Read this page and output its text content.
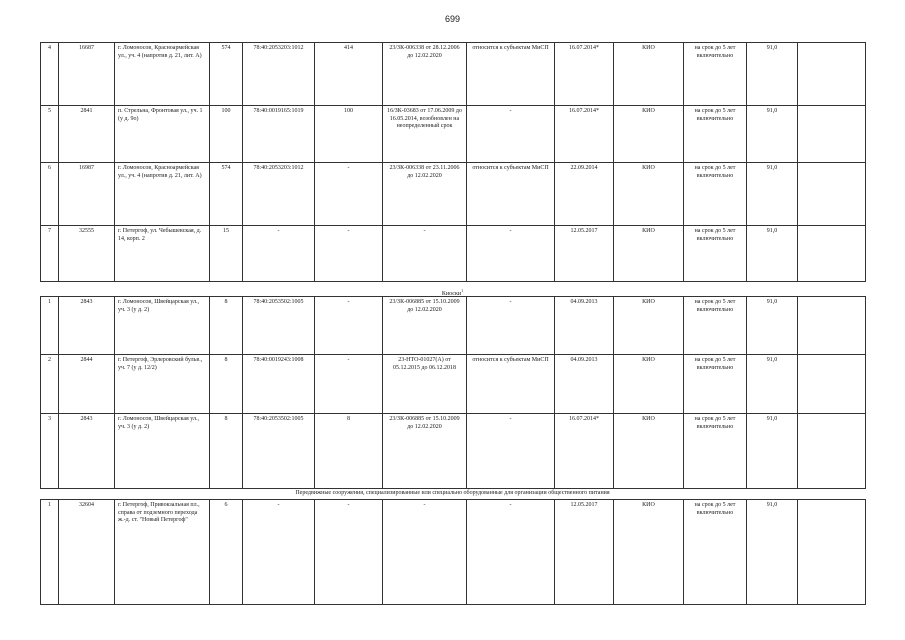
699
4	16687	г. Ломоносов, Красноармейская ул., уч. 4 (напротив д. 21, лит. А)	574	78:40:2053203:1012	414	23/ЗК-006338 от 28.12.2006 до 12.02.2020	относится к субъектам МиСП	16.07.2014*	КИО	на срок до 5 лет включительно	91,0	
5	2841	п. Стрельна, Фронтовая ул., уч. 1 (у д. 9о)	100	78:40:0019165:1019	100	16/ЗК-03683 от 17.06.2009 до 16.05.2014, возобновлен на неопределенный срок	-	16.07.2014*	КИО	на срок до 5 лет включительно	91,0	
6	16987	г. Ломоносов, Красноармейская ул., уч. 4 (напротив д. 21, лит. А)	574	78:40:2053203:1012	-	23/ЗК-006338 от 23.11.2006 до 12.02.2020	относится к субъектам МиСП	22.09.2014	КИО	на срок до 5 лет включительно	91,0	
7	32555	г. Петергоф, ул. Чебышевская, д. 14, корп. 2	15	-	-	-	-	12.05.2017	КИО	на срок до 5 лет включительно	91,0	
Киоски$^1$
1	2843	г. Ломоносов, Швейцарская ул., уч. 3 (у д. 2)	8	78:40:2053502:1005	-	23/ЗК-006885 от 15.10.2009 до 12.02.2020	-	04.09.2013	КИО	на срок до 5 лет включительно	91,0	
2	2844	г. Петергоф, Эрлеровский бульв., уч. 7 (у д. 12/2)	8	78:40:0019243:1008	-	23-НТО-01027(А) от 05.12.2015 до 06.12.2018	относится к субъектам МиСП	04.09.2013	КИО	на срок до 5 лет включительно	91,0	
3	2843	г. Ломоносов, Швейцарская ул., уч. 3 (у д. 2)	8	78:40:2053502:1005	8	23/ЗК-006885 от 15.10.2009 до 12.02.2020	-	16.07.2014*	КИО	на срок до 5 лет включительно	91,0	
Передвижные сооружения, специализированные или специально оборудованные для организации общественного питания
1	32604	г. Петергоф, Привокзальная пл., справа от подземного перехода ж.-д. ст. "Новый Петергоф"	6	-	-	-	-	12.05.2017	КИО	на срок до 5 лет включительно	91,0	
